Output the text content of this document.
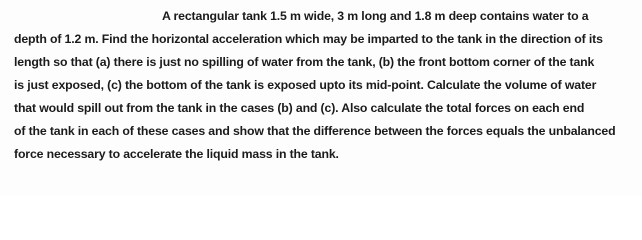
A rectangular tank 1.5 m wide, 3 m long and 1.8 m deep contains water to a
depth of 1.2 m. Find the horizontal acceleration which may be imparted to the tank in the direction of its
length so that (a) there is just no spilling of water from the tank, (b) the front bottom corner of the tank
is just exposed, (c) the bottom of the tank is exposed upto its mid-point. Calculate the volume of water
that would spill out from the tank in the cases (b) and (c). Also calculate the total forces on each end
of the tank in each of these cases and show that the difference between the forces equals the unbalanced
force necessary to accelerate the liquid mass in the tank.
